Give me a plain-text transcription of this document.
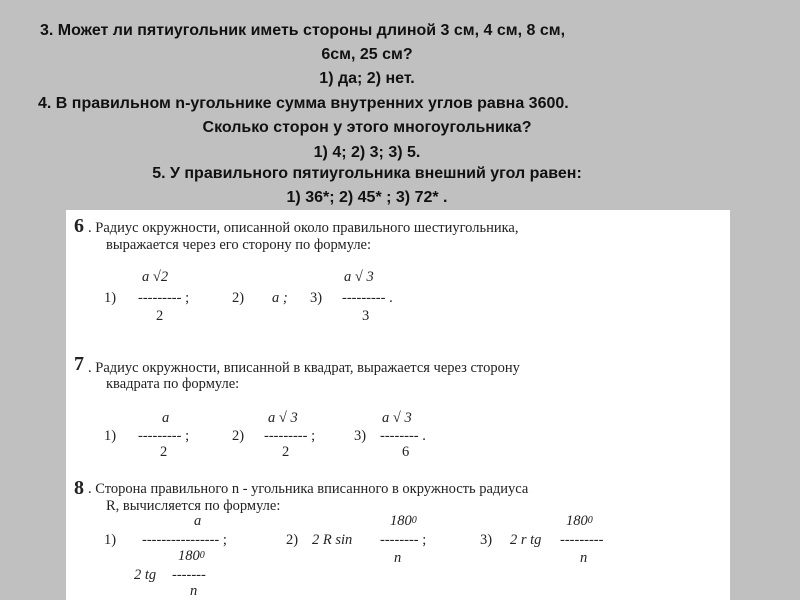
3. Может ли пятиугольник иметь стороны длиной 3 см, 4 см, 8 см,
6см, 25 см?
1) да; 2) нет.
4. В правильном n-угольнике сумма внутренних углов равна 3600.
Сколько сторон у этого многоугольника?
1) 4; 2) 3; 3) 5.
5. У правильного пятиугольника внешний угол равен:
1) 36*; 2) 45* ; 3) 72* .
6 . Радиус окружности, описанной около правильного шестиугольника,
выражается через его сторону по формуле:
a √2
1) --------- ;
2
2) a ; 3)
a √ 3
--------- .
3
7 . Радиус окружности, вписанной в квадрат, выражается через сторону
квадрата по формуле:
a
1) --------- ;
2
2)
a √ 3
--------- ;
2
3)
a √ 3
-------- .
6
8 . Сторона правильного n - угольника вписанного в окружность радиуса
R, вычисляется по формуле:
a
1) ---------------- ;
$180^0$
2 tg -------
n
2)
$180^0$
2 R sin -------- ;
n
3)
$180^0$
2 r tg ---------
n
